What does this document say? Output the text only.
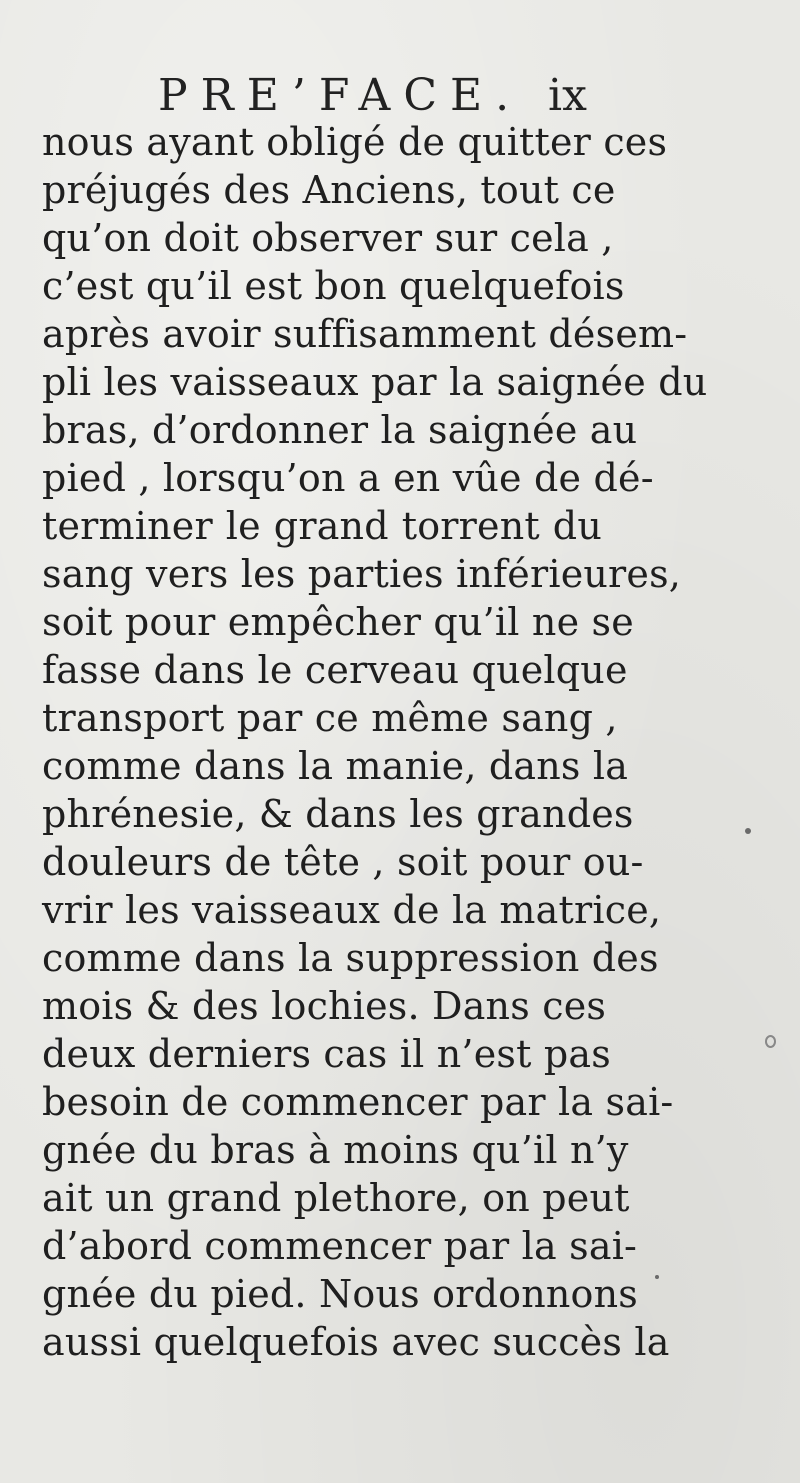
PRE’FACE. ix
nous ayant obligé de quitter ces
préjugés des Anciens, tout ce
qu’on doit observer sur cela ,
c’est qu’il est bon quelquefois
après avoir suffisamment désem-
pli les vaisseaux par la saignée du
bras, d’ordonner la saignée au
pied , lorsqu’on a en vûe de dé-
terminer le grand torrent du
sang vers les parties inférieures,
soit pour empêcher qu’il ne se
fasse dans le cerveau quelque
transport par ce même sang ,
comme dans la manie, dans la
phrénesie, & dans les grandes
douleurs de tête , soit pour ou-
vrir les vaisseaux de la matrice,
comme dans la suppression des
mois & des lochies. Dans ces
deux derniers cas il n’est pas
besoin de commencer par la sai-
gnée du bras à moins qu’il n’y
ait un grand plethore, on peut
d’abord commencer par la sai-
gnée du pied. Nous ordonnons
aussi quelquefois avec succès la
